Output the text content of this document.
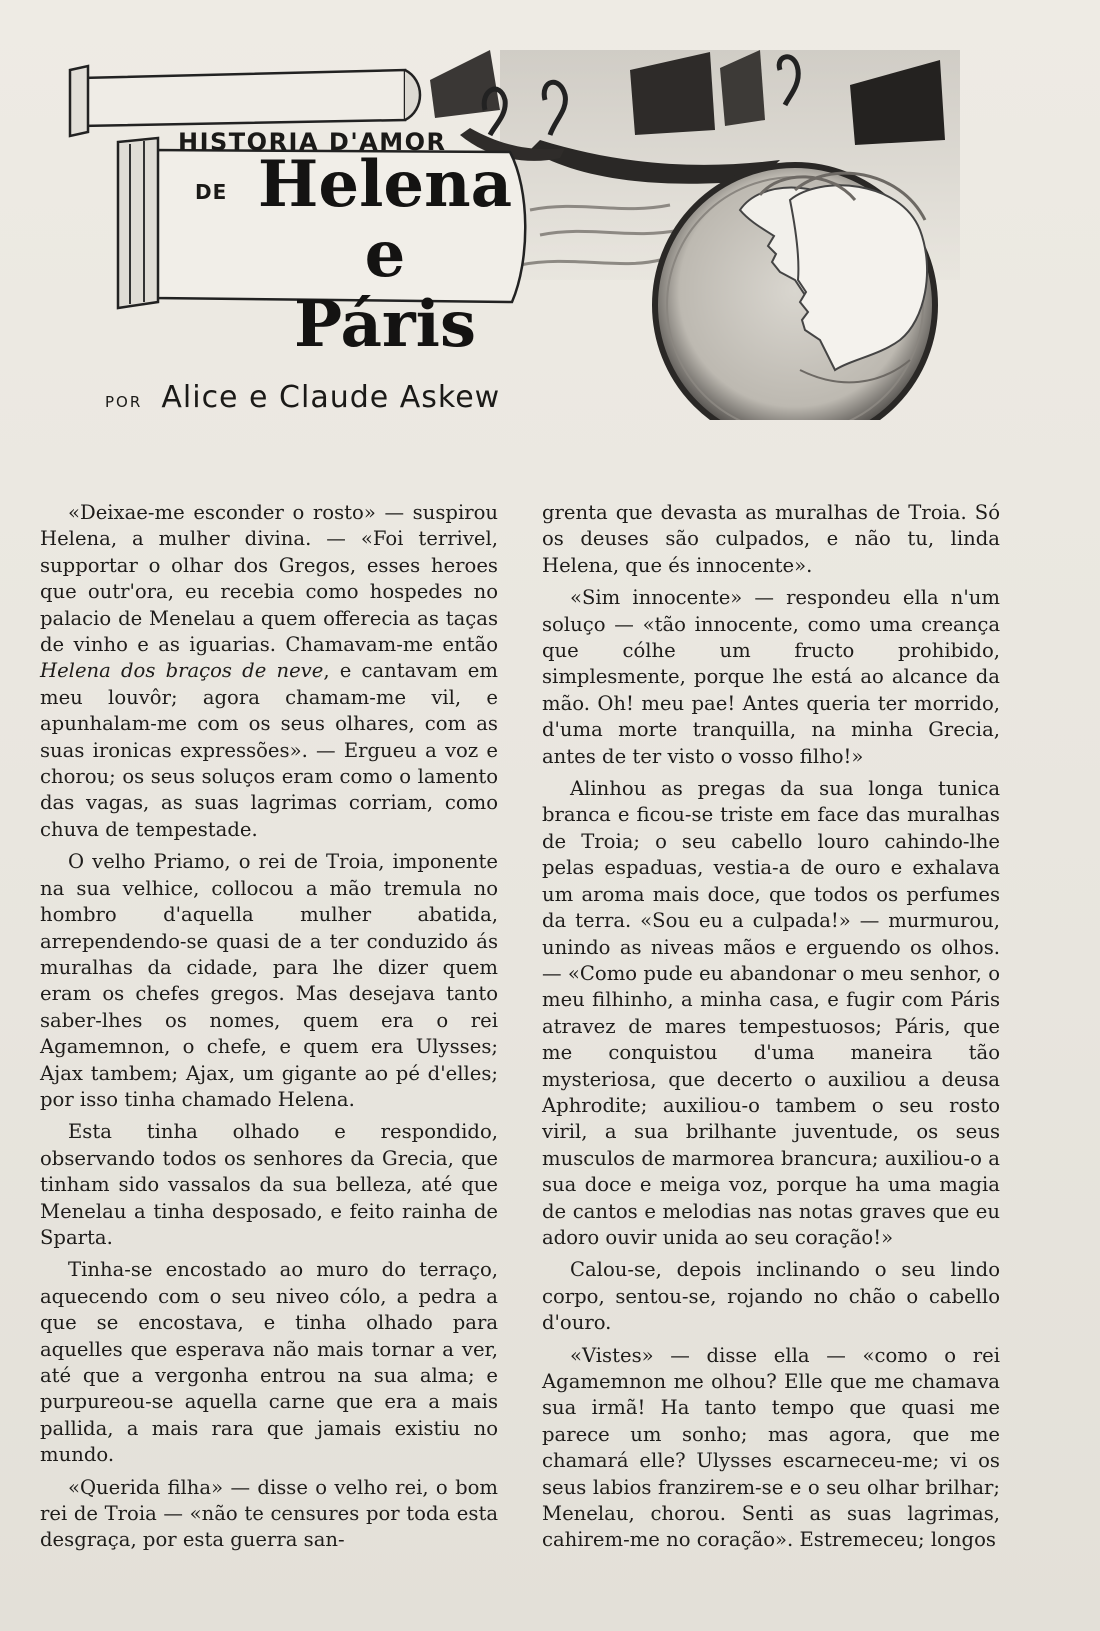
HISTORIA D'AMOR
DE Helena e
Páris
POR Alice e Claude Askew

«Deixae-me esconder o rosto» — suspirou Helena, a mulher divina. — «Foi terrivel, supportar o olhar dos Gregos, esses heroes que outr'ora, eu recebia como hospedes no palacio de Menelau a quem offerecia as taças de vinho e as iguarias. Chamavam-me então Helena dos braços de neve, e cantavam em meu louvôr; agora chamam-me vil, e apunhalam-me com os seus olhares, com as suas ironicas expressões». — Ergueu a voz e chorou; os seus soluços eram como o lamento das vagas, as suas lagrimas corriam, como chuva de tempestade.

O velho Priamo, o rei de Troia, imponente na sua velhice, collocou a mão tremula no hombro d'aquella mulher abatida, arrependendo-se quasi de a ter conduzido ás muralhas da cidade, para lhe dizer quem eram os chefes gregos. Mas desejava tanto saber-lhes os nomes, quem era o rei Agamemnon, o chefe, e quem era Ulysses; Ajax tambem; Ajax, um gigante ao pé d'elles; por isso tinha chamado Helena.

Esta tinha olhado e respondido, observando todos os senhores da Grecia, que tinham sido vassalos da sua belleza, até que Menelau a tinha desposado, e feito rainha de Sparta.

Tinha-se encostado ao muro do terraço, aquecendo com o seu niveo cólo, a pedra a que se encostava, e tinha olhado para aquelles que esperava não mais tornar a ver, até que a vergonha entrou na sua alma; e purpureou-se aquella carne que era a mais pallida, a mais rara que jamais existiu no mundo.

«Querida filha» — disse o velho rei, o bom rei de Troia — «não te censures por toda esta desgraça, por esta guerra san-

grenta que devasta as muralhas de Troia. Só os deuses são culpados, e não tu, linda Helena, que és innocente».

«Sim innocente» — respondeu ella n'um soluço — «tão innocente, como uma creança que cólhe um fructo prohibido, simplesmente, porque lhe está ao alcance da mão. Oh! meu pae! Antes queria ter morrido, d'uma morte tranquilla, na minha Grecia, antes de ter visto o vosso filho!»

Alinhou as pregas da sua longa tunica branca e ficou-se triste em face das muralhas de Troia; o seu cabello louro cahindo-lhe pelas espaduas, vestia-a de ouro e exhalava um aroma mais doce, que todos os perfumes da terra. «Sou eu a culpada!» — murmurou, unindo as niveas mãos e erguendo os olhos. — «Como pude eu abandonar o meu senhor, o meu filhinho, a minha casa, e fugir com Páris atravez de mares tempestuosos; Páris, que me conquistou d'uma maneira tão mysteriosa, que decerto o auxiliou a deusa Aphrodite; auxiliou-o tambem o seu rosto viril, a sua brilhante juventude, os seus musculos de marmorea brancura; auxiliou-o a sua doce e meiga voz, porque ha uma magia de cantos e melodias nas notas graves que eu adoro ouvir unida ao seu coração!»

Calou-se, depois inclinando o seu lindo corpo, sentou-se, rojando no chão o cabello d'ouro.

«Vistes» — disse ella — «como o rei Agamemnon me olhou? Elle que me chamava sua irmã! Ha tanto tempo que quasi me parece um sonho; mas agora, que me chamará elle? Ulysses escarneceu-me; vi os seus labios franzirem-se e o seu olhar brilhar; Menelau, chorou. Senti as suas lagrimas, cahirem-me no coração». Estremeceu; longos
